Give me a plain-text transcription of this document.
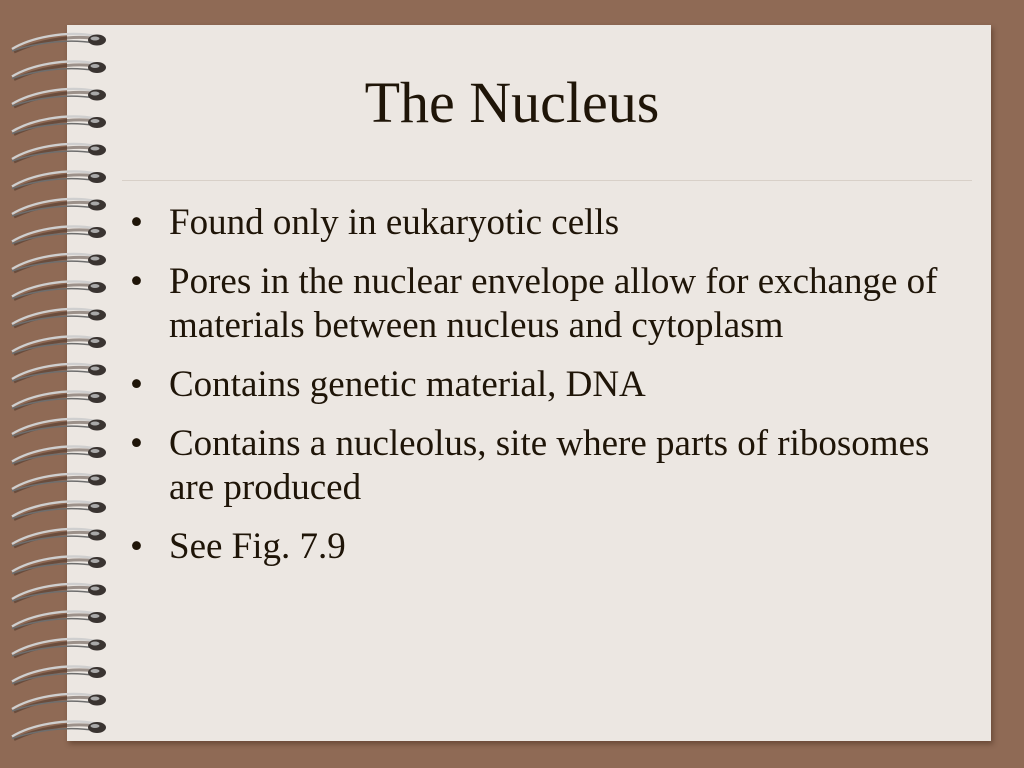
The Nucleus
• Found only in eukaryotic cells
• Pores in the nuclear envelope allow for exchange of materials between nucleus and cytoplasm
• Contains genetic material, DNA
• Contains a nucleolus, site where parts of ribosomes are produced
• See Fig. 7.9
